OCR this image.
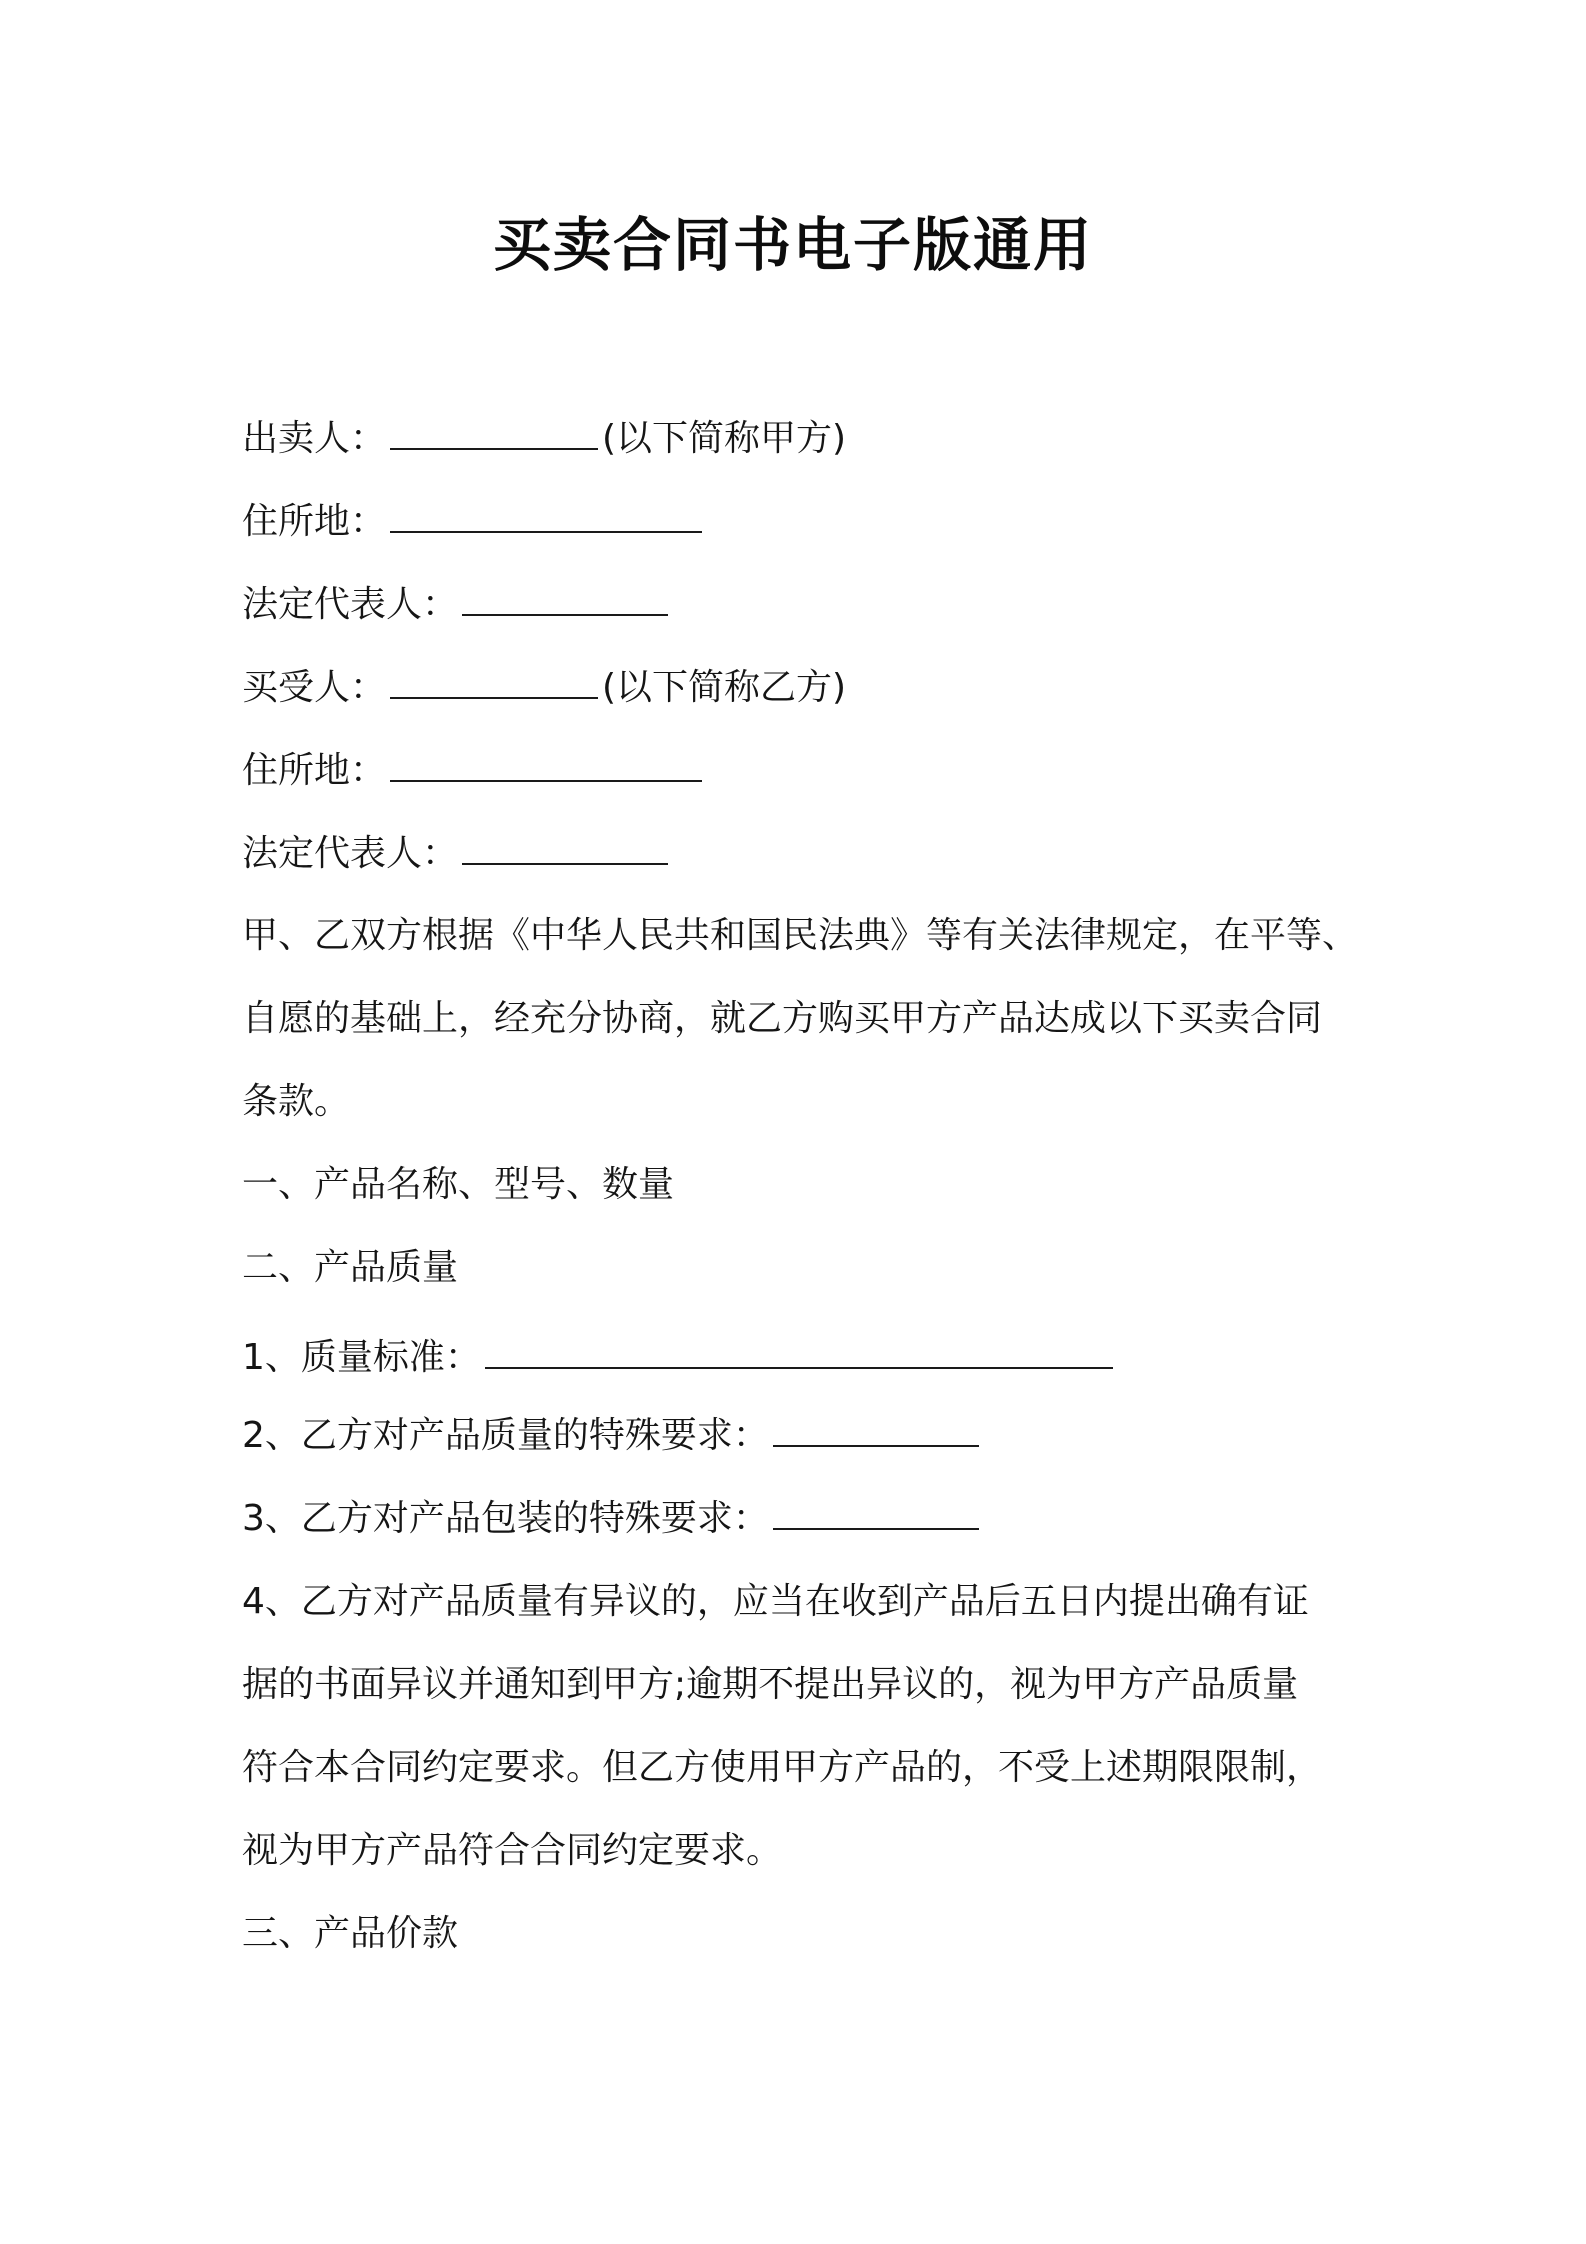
买卖合同书电子版通用
出卖人：	(以下简称甲方)
住所地：
法定代表人：
买受人：	(以下简称乙方)
住所地：
法定代表人：
甲、乙双方根据《中华人民共和国民法典》等有关法律规定，在平等、
自愿的基础上，经充分协商，就乙方购买甲方产品达成以下买卖合同
条款。
一、产品名称、型号、数量
二、产品质量
1、质量标准：
2、乙方对产品质量的特殊要求：
3、乙方对产品包装的特殊要求：
4、乙方对产品质量有异议的，应当在收到产品后五日内提出确有证
据的书面异议并通知到甲方;逾期不提出异议的，视为甲方产品质量
符合本合同约定要求。但乙方使用甲方产品的，不受上述期限限制，
视为甲方产品符合合同约定要求。
三、产品价款
